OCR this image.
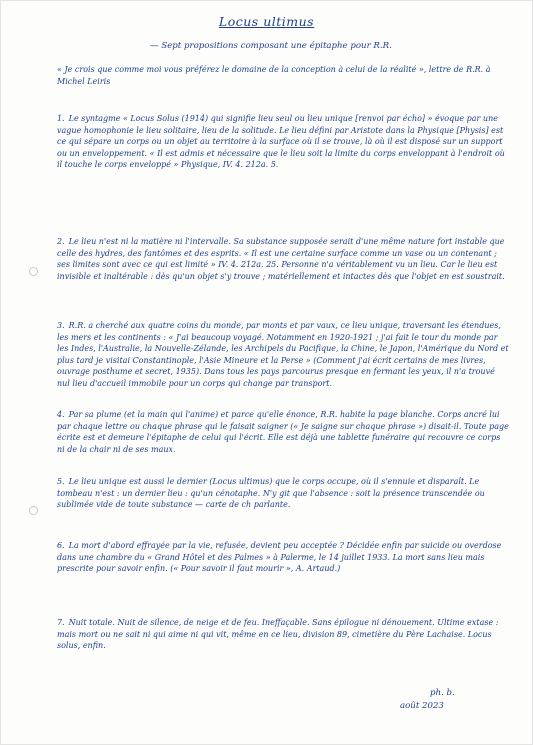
Locus ultimus
— Sept propositions composant une épitaphe pour R.R.
« Je crois que comme moi vous préférez le domaine de la conception à celui de la réalité », lettre de R.R. à Michel Leiris
1. Le syntagme « Locus Solus (1914) qui signifie lieu seul ou lieu unique [renvoi par écho] » évoque par une vague homophonie le lieu solitaire, lieu de la solitude. Le lieu défini par Aristote dans la Physique [Physis] est ce qui sépare un corps ou un objet au territoire à la surface où il se trouve, là où il est disposé sur un support ou un enveloppement. « Il est admis et nécessaire que le lieu soit la limite du corps enveloppant à l'endroit où il touche le corps enveloppé » Physique, IV. 4. 212a. 5.
2. Le lieu n'est ni la matière ni l'intervalle. Sa substance supposée serait d'une même nature fort instable que celle des hydres, des fantômes et des esprits. « Il est une certaine surface comme un vase ou un contenant ; ses limites sont avec ce qui est limité » IV. 4. 212a. 25. Personne n'a véritablement vu un lieu. Car le lieu est invisible et inaltérable : dès qu'un objet s'y trouve ; matériellement et intactes dès que l'objet en est soustrait.
3. R.R. a cherché aux quatre coins du monde, par monts et par vaux, ce lieu unique, traversant les étendues, les mers et les continents : « J'ai beaucoup voyagé. Notamment en 1920-1921 ; j'ai fait le tour du monde par les Indes, l'Australie, la Nouvelle-Zélande, les Archipels du Pacifique, la Chine, le Japon, l'Amérique du Nord et plus tard je visitai Constantinople, l'Asie Mineure et la Perse » (Comment j'ai écrit certains de mes livres, ouvrage posthume et secret, 1935). Dans tous les pays parcourus presque en fermant les yeux, il n'a trouvé nul lieu d'accueil immobile pour un corps qui change par transport.
4. Par sa plume (et la main qui l'anime) et parce qu'elle énonce, R.R. habite la page blanche. Corps ancré lui par chaque lettre ou chaque phrase qui le faisait saigner (« Je saigne sur chaque phrase ») disait-il. Toute page écrite est et demeure l'épitaphe de celui qui l'écrit. Elle est déjà une tablette funéraire qui recouvre ce corps ni de la chair ni de ses maux.
5. Le lieu unique est aussi le dernier (Locus ultimus) que le corps occupe, où il s'ennuie et disparaît. Le tombeau n'est : un dernier lieu : qu'un cénotaphe. N'y git que l'absence : soit la présence transcendée ou sublimée vide de toute substance — carte de ch parlante.
6. La mort d'abord effrayée par la vie, refusée, devient peu acceptée ? Décidée enfin par suicide ou overdose dans une chambre du « Grand Hôtel et des Palmes » à Palerme, le 14 juillet 1933. La mort sans lieu mais prescrite pour savoir enfin. (« Pour savoir il faut mourir », A. Artaud.)
7. Nuit totale. Nuit de silence, de neige et de feu. Ineffaçable. Sans épilogue ni dénouement. Ultime extase : mais mort ou ne sait ni qui aime ni qui vit, même en ce lieu, division 89, cimetière du Père Lachaise. Locus solus, enfin.
ph. b.
août 2023
